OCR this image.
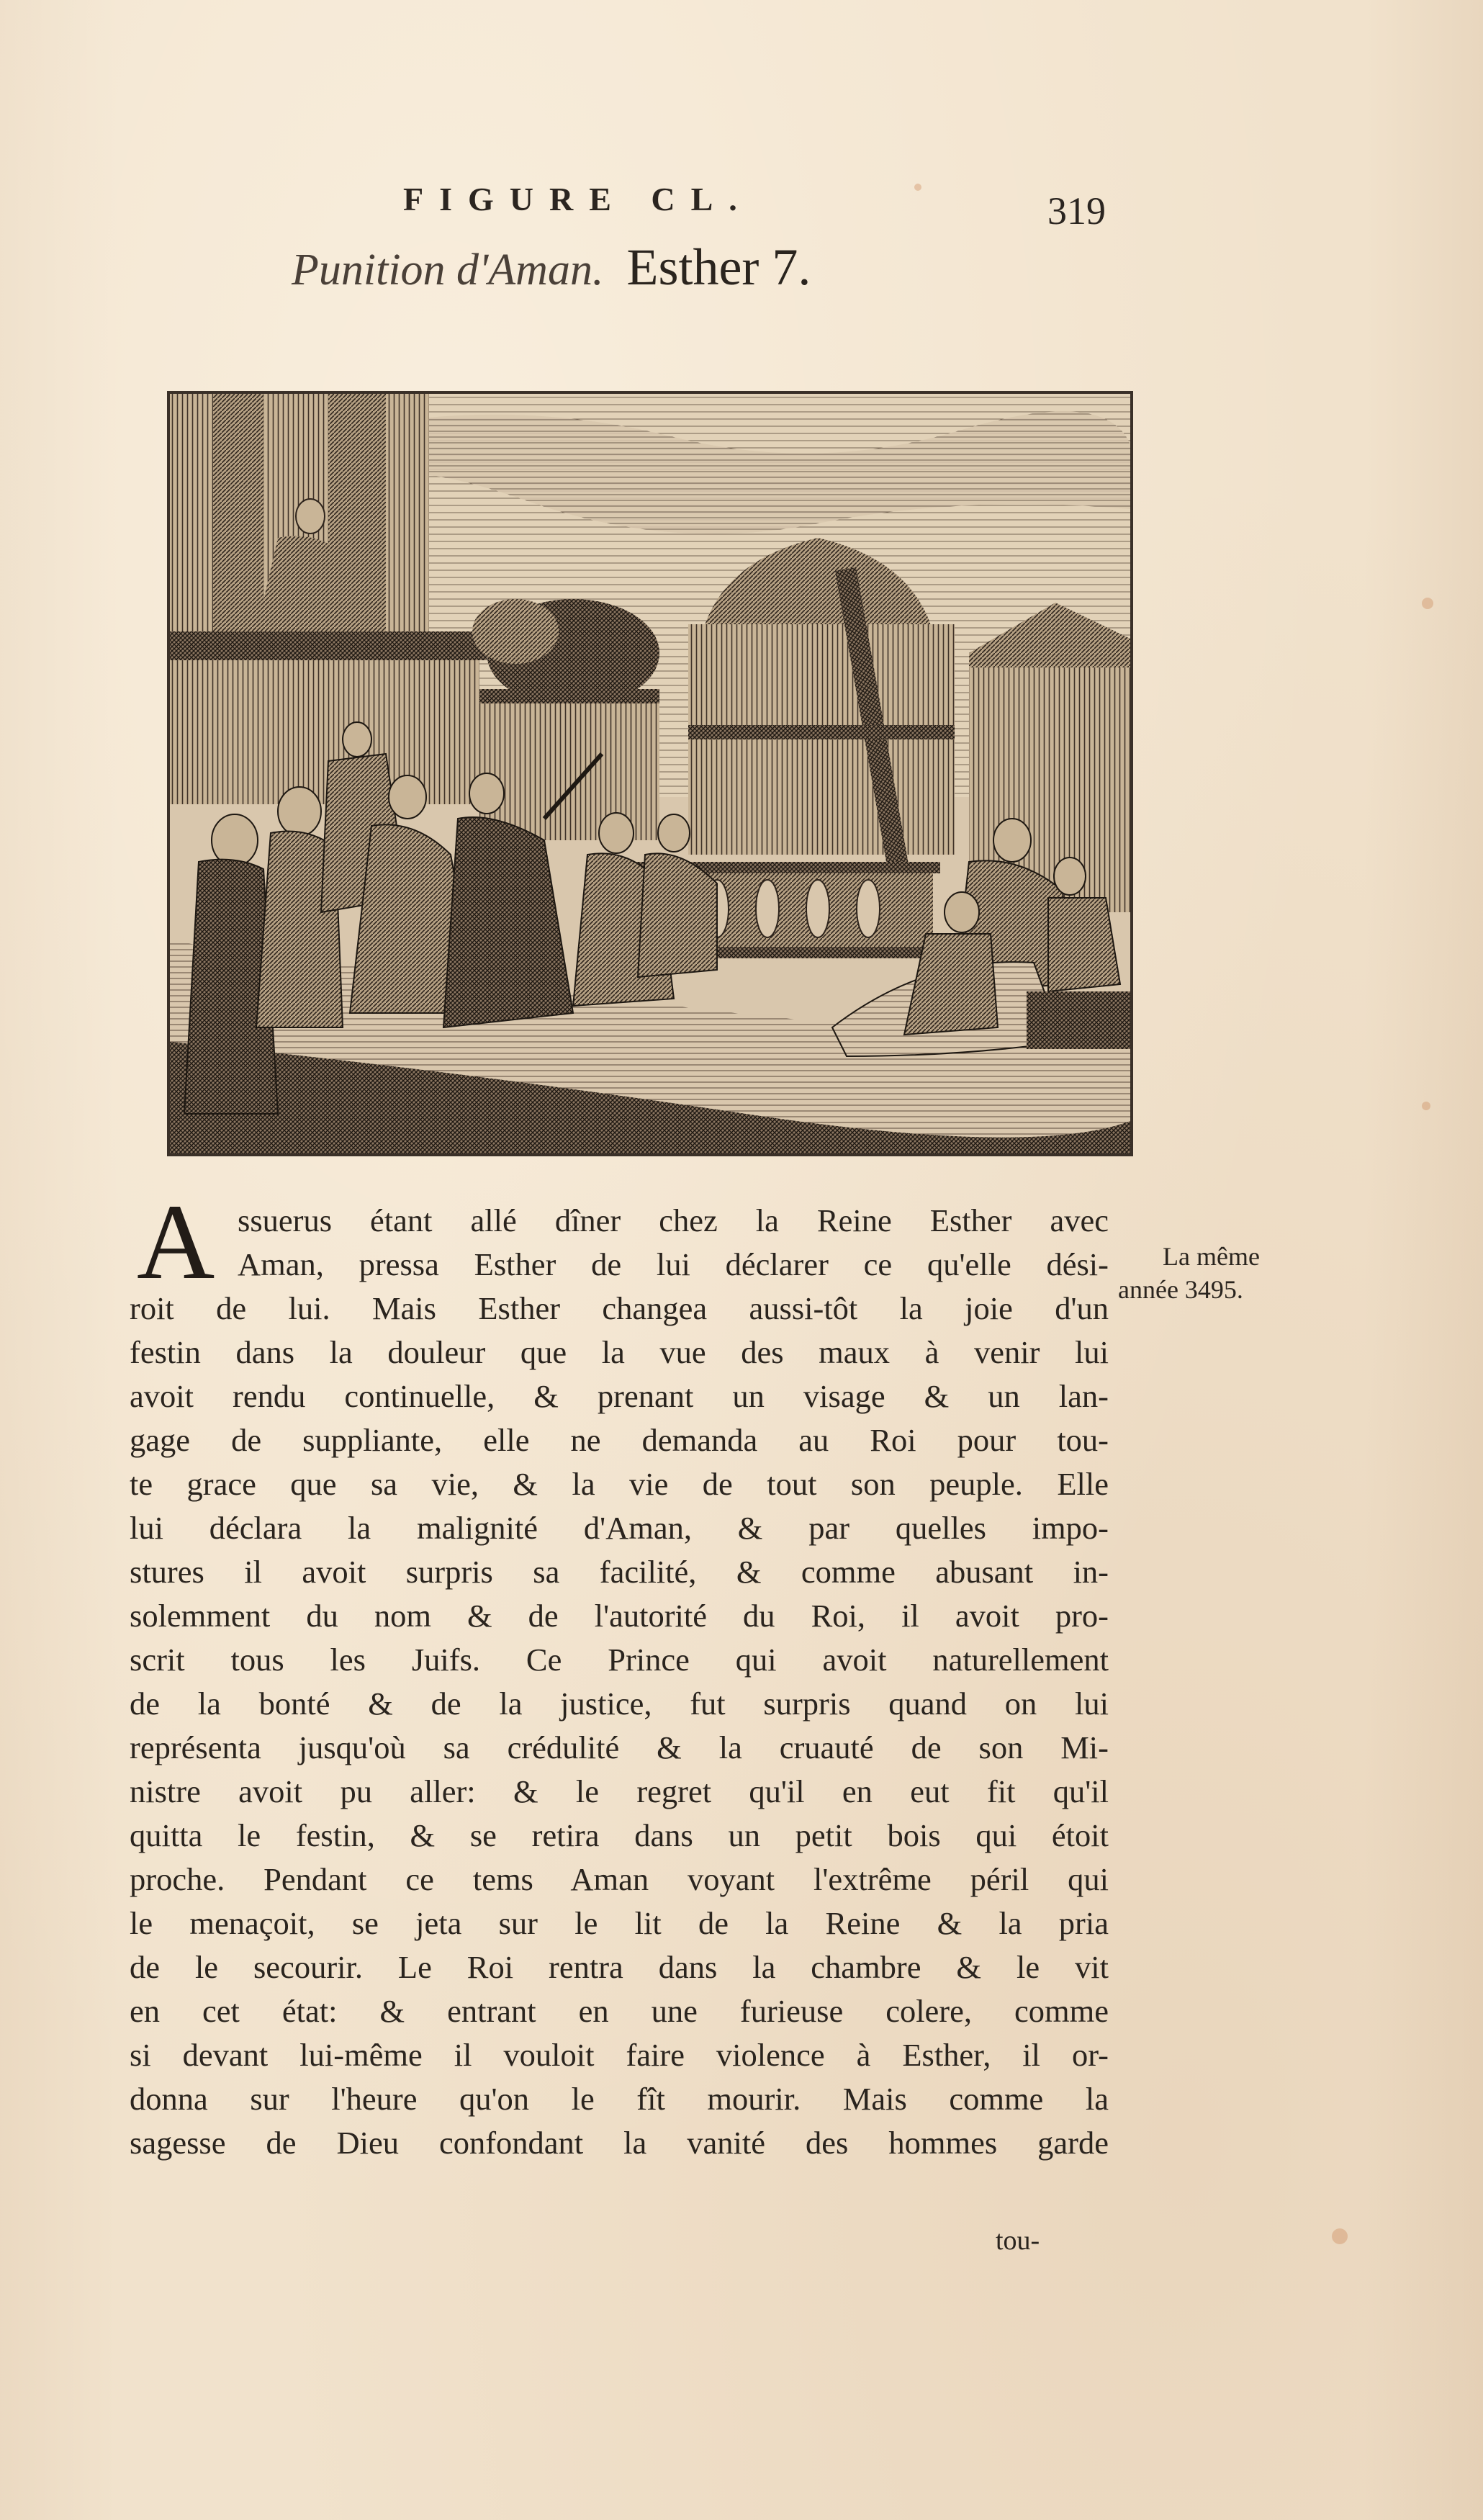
FIGURE CL.	319
Punition d'Aman. Esther 7.
A ssuerus étant allé dîner chez la Reine Esther avec
Aman, pressa Esther de lui déclarer ce qu'elle dési-
roit de lui. Mais Esther changea aussi-tôt la joie d'un
festin dans la douleur que la vue des maux à venir lui
avoit rendu continuelle, & prenant un visage & un lan-
gage de suppliante, elle ne demanda au Roi pour tou-
te grace que sa vie, & la vie de tout son peuple. Elle
lui déclara la malignité d'Aman, & par quelles impo-
stures il avoit surpris sa facilité, & comme abusant in-
solemment du nom & de l'autorité du Roi, il avoit pro-
scrit tous les Juifs. Ce Prince qui avoit naturellement
de la bonté & de la justice, fut surpris quand on lui
représenta jusqu'où sa crédulité & la cruauté de son Mi-
nistre avoit pu aller: & le regret qu'il en eut fit qu'il
quitta le festin, & se retira dans un petit bois qui étoit
proche. Pendant ce tems Aman voyant l'extrême péril qui
le menaçoit, se jeta sur le lit de la Reine & la pria
de le secourir. Le Roi rentra dans la chambre & le vit
en cet état: & entrant en une furieuse colere, comme
si devant lui-même il vouloit faire violence à Esther, il or-
donna sur l'heure qu'on le fît mourir. Mais comme la
sagesse de Dieu confondant la vanité des hommes garde
La même
année 3495.
tou-
